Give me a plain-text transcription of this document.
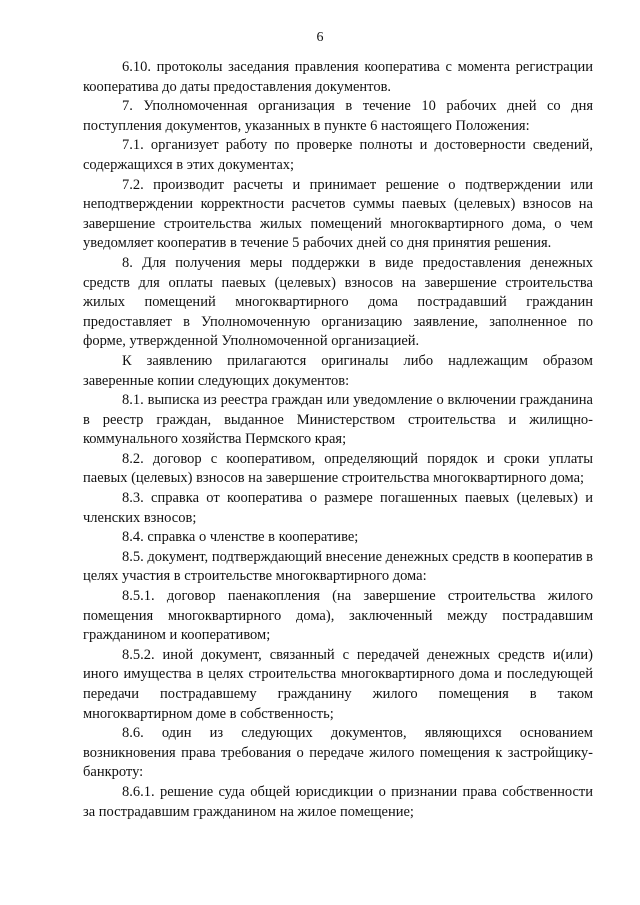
6

6.10. протоколы заседания правления кооператива с момента регистрации кооператива до даты предоставления документов.

7. Уполномоченная организация в течение 10 рабочих дней со дня поступления документов, указанных в пункте 6 настоящего Положения:

7.1. организует работу по проверке полноты и достоверности сведений, содержащихся в этих документах;

7.2. производит расчеты и принимает решение о подтверждении или неподтверждении корректности расчетов суммы паевых (целевых) взносов на завершение строительства жилых помещений многоквартирного дома, о чем уведомляет кооператив в течение 5 рабочих дней со дня принятия решения.

8. Для получения меры поддержки в виде предоставления денежных средств для оплаты паевых (целевых) взносов на завершение строительства жилых помещений многоквартирного дома пострадавший гражданин предоставляет в Уполномоченную организацию заявление, заполненное по форме, утвержденной Уполномоченной организацией.

К заявлению прилагаются оригиналы либо надлежащим образом заверенные копии следующих документов:

8.1. выписка из реестра граждан или уведомление о включении гражданина в реестр граждан, выданное Министерством строительства и жилищно-коммунального хозяйства Пермского края;

8.2. договор с кооперативом, определяющий порядок и сроки уплаты паевых (целевых) взносов на завершение строительства многоквартирного дома;

8.3. справка от кооператива о размере погашенных паевых (целевых) и членских взносов;

8.4. справка о членстве в кооперативе;

8.5. документ, подтверждающий внесение денежных средств в кооператив в целях участия в строительстве многоквартирного дома:

8.5.1. договор паенакопления (на завершение строительства жилого помещения многоквартирного дома), заключенный между пострадавшим гражданином и кооперативом;

8.5.2. иной документ, связанный с передачей денежных средств и(или) иного имущества в целях строительства многоквартирного дома и последующей передачи пострадавшему гражданину жилого помещения в таком многоквартирном доме в собственность;

8.6. один из следующих документов, являющихся основанием возникновения права требования о передаче жилого помещения к застройщику-банкроту:

8.6.1. решение суда общей юрисдикции о признании права собственности за пострадавшим гражданином на жилое помещение;
